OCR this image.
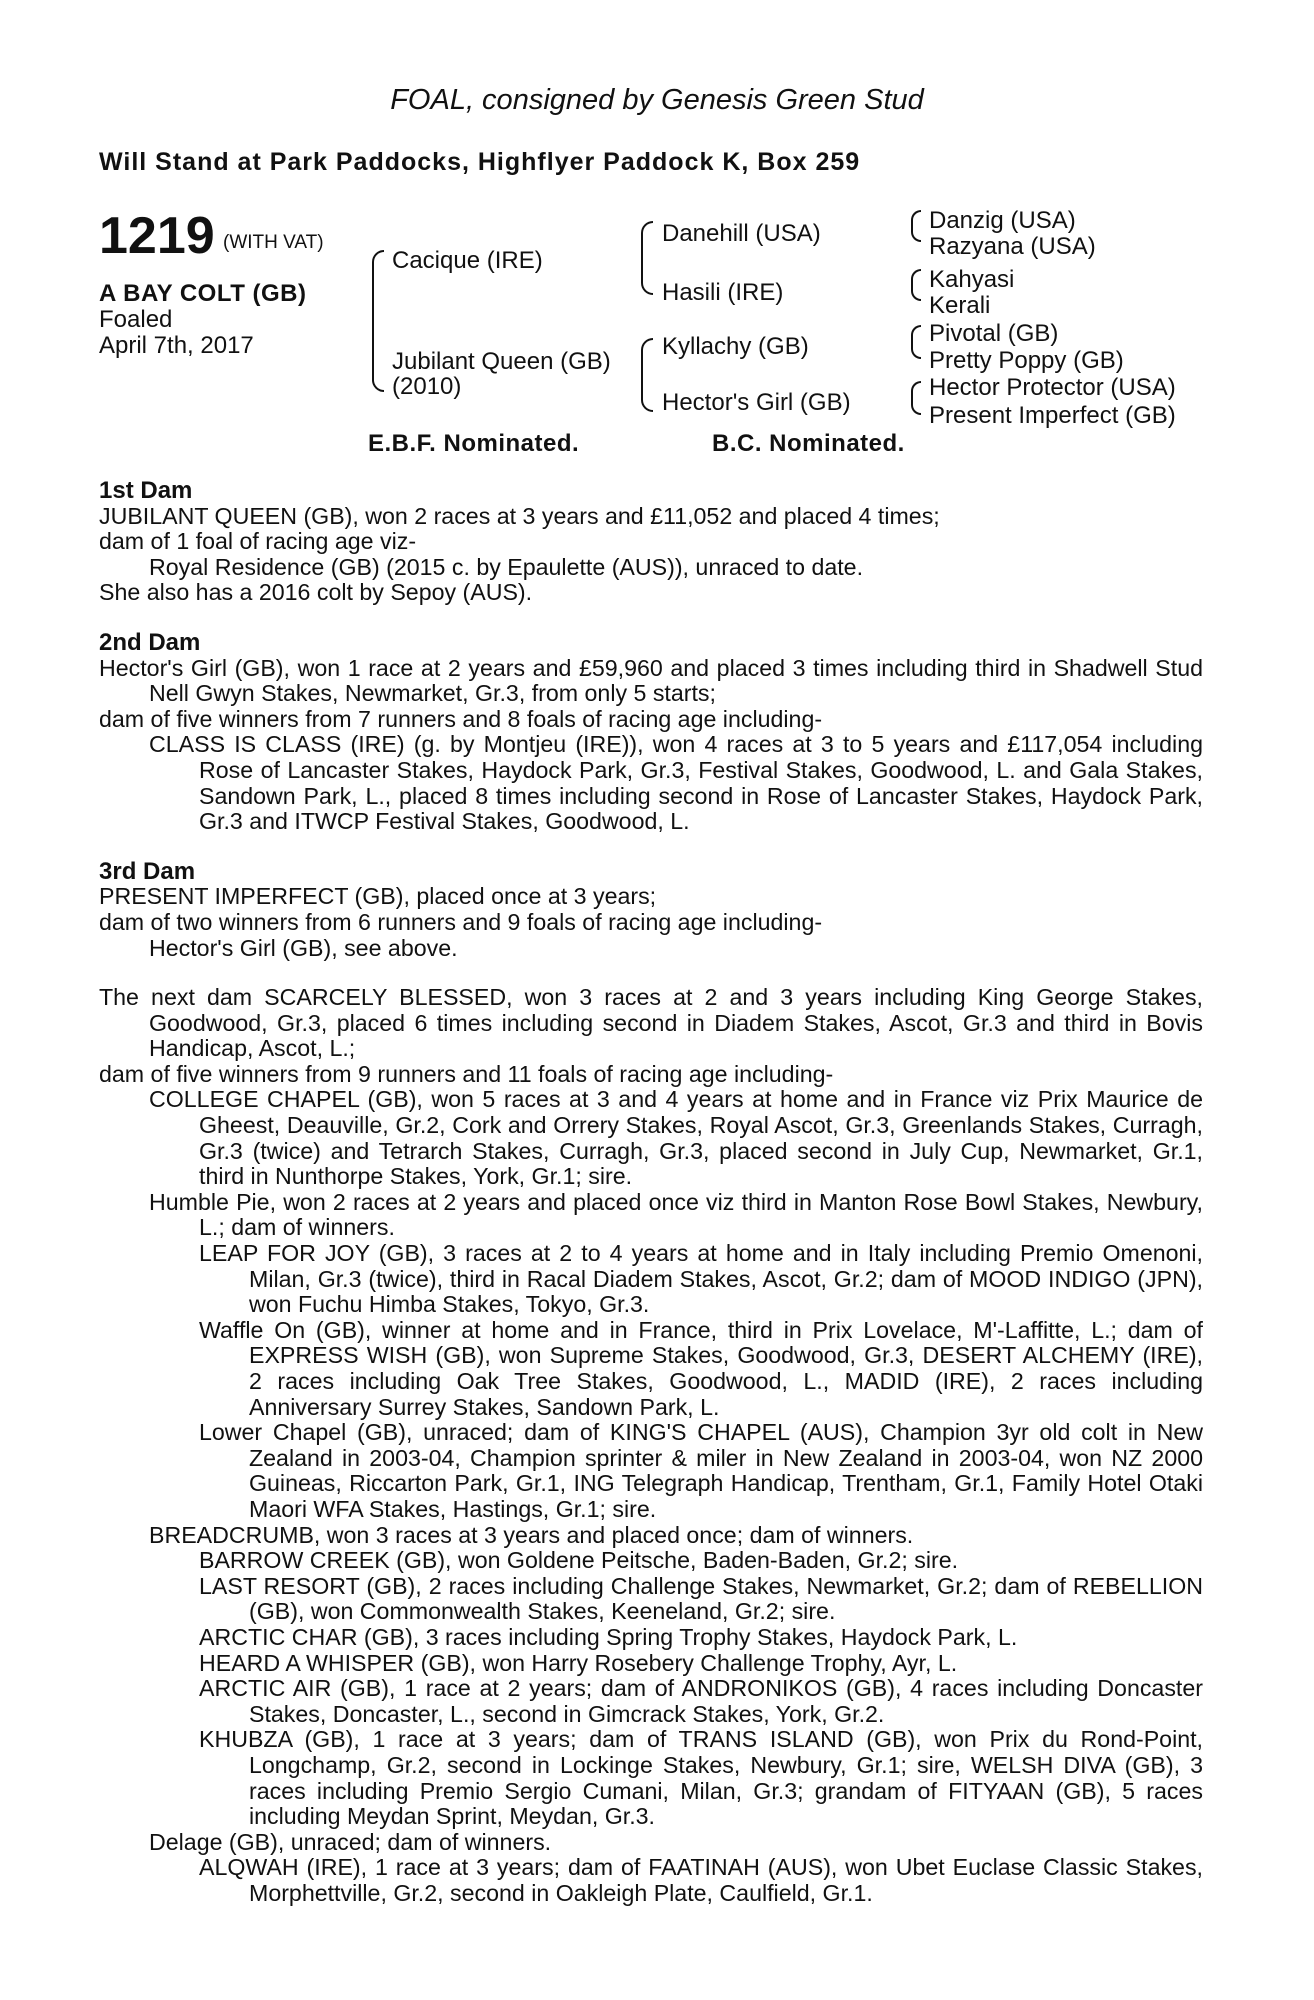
FOAL, consigned by Genesis Green Stud
Will Stand at Park Paddocks, Highflyer Paddock K, Box 259
1219 (WITH VAT)
A BAY COLT (GB)
Foaled
April 7th, 2017
Cacique (IRE)
Jubilant Queen (GB)
(2010)
Danehill (USA)
Hasili (IRE)
Kyllachy (GB)
Hector's Girl (GB)
Danzig (USA)
Razyana (USA)
Kahyasi
Kerali
Pivotal (GB)
Pretty Poppy (GB)
Hector Protector (USA)
Present Imperfect (GB)
E.B.F. Nominated.	B.C. Nominated.

1st Dam

JUBILANT QUEEN (GB), won 2 races at 3 years and £11,052 and placed 4 times;

dam of 1 foal of racing age viz-

Royal Residence (GB) (2015 c. by Epaulette (AUS)), unraced to date.

She also has a 2016 colt by Sepoy (AUS).

2nd Dam

Hector's Girl (GB), won 1 race at 2 years and £59,960 and placed 3 times including third in Shadwell Stud Nell Gwyn Stakes, Newmarket, Gr.3, from only 5 starts;

dam of five winners from 7 runners and 8 foals of racing age including-

CLASS IS CLASS (IRE) (g. by Montjeu (IRE)), won 4 races at 3 to 5 years and £117,054 including Rose of Lancaster Stakes, Haydock Park, Gr.3, Festival Stakes, Goodwood, L. and Gala Stakes, Sandown Park, L., placed 8 times including second in Rose of Lancaster Stakes, Haydock Park, Gr.3 and ITWCP Festival Stakes, Goodwood, L.

3rd Dam

PRESENT IMPERFECT (GB), placed once at 3 years;

dam of two winners from 6 runners and 9 foals of racing age including-

Hector's Girl (GB), see above.

The next dam SCARCELY BLESSED, won 3 races at 2 and 3 years including King George Stakes, Goodwood, Gr.3, placed 6 times including second in Diadem Stakes, Ascot, Gr.3 and third in Bovis Handicap, Ascot, L.;

dam of five winners from 9 runners and 11 foals of racing age including-

COLLEGE CHAPEL (GB), won 5 races at 3 and 4 years at home and in France viz Prix Maurice de Gheest, Deauville, Gr.2, Cork and Orrery Stakes, Royal Ascot, Gr.3, Greenlands Stakes, Curragh, Gr.3 (twice) and Tetrarch Stakes, Curragh, Gr.3, placed second in July Cup, Newmarket, Gr.1, third in Nunthorpe Stakes, York, Gr.1; sire.

Humble Pie, won 2 races at 2 years and placed once viz third in Manton Rose Bowl Stakes, Newbury, L.; dam of winners.

LEAP FOR JOY (GB), 3 races at 2 to 4 years at home and in Italy including Premio Omenoni, Milan, Gr.3 (twice), third in Racal Diadem Stakes, Ascot, Gr.2; dam of MOOD INDIGO (JPN), won Fuchu Himba Stakes, Tokyo, Gr.3.

Waffle On (GB), winner at home and in France, third in Prix Lovelace, M'-Laffitte, L.; dam of EXPRESS WISH (GB), won Supreme Stakes, Goodwood, Gr.3, DESERT ALCHEMY (IRE), 2 races including Oak Tree Stakes, Goodwood, L., MADID (IRE), 2 races including Anniversary Surrey Stakes, Sandown Park, L.

Lower Chapel (GB), unraced; dam of KING'S CHAPEL (AUS), Champion 3yr old colt in New Zealand in 2003-04, Champion sprinter & miler in New Zealand in 2003-04, won NZ 2000 Guineas, Riccarton Park, Gr.1, ING Telegraph Handicap, Trentham, Gr.1, Family Hotel Otaki Maori WFA Stakes, Hastings, Gr.1; sire.

BREADCRUMB, won 3 races at 3 years and placed once; dam of winners.

BARROW CREEK (GB), won Goldene Peitsche, Baden-Baden, Gr.2; sire.

LAST RESORT (GB), 2 races including Challenge Stakes, Newmarket, Gr.2; dam of REBELLION (GB), won Commonwealth Stakes, Keeneland, Gr.2; sire.

ARCTIC CHAR (GB), 3 races including Spring Trophy Stakes, Haydock Park, L.

HEARD A WHISPER (GB), won Harry Rosebery Challenge Trophy, Ayr, L.

ARCTIC AIR (GB), 1 race at 2 years; dam of ANDRONIKOS (GB), 4 races including Doncaster Stakes, Doncaster, L., second in Gimcrack Stakes, York, Gr.2.

KHUBZA (GB), 1 race at 3 years; dam of TRANS ISLAND (GB), won Prix du Rond-Point, Longchamp, Gr.2, second in Lockinge Stakes, Newbury, Gr.1; sire, WELSH DIVA (GB), 3 races including Premio Sergio Cumani, Milan, Gr.3; grandam of FITYAAN (GB), 5 races including Meydan Sprint, Meydan, Gr.3.

Delage (GB), unraced; dam of winners.

ALQWAH (IRE), 1 race at 3 years; dam of FAATINAH (AUS), won Ubet Euclase Classic Stakes, Morphettville, Gr.2, second in Oakleigh Plate, Caulfield, Gr.1.
